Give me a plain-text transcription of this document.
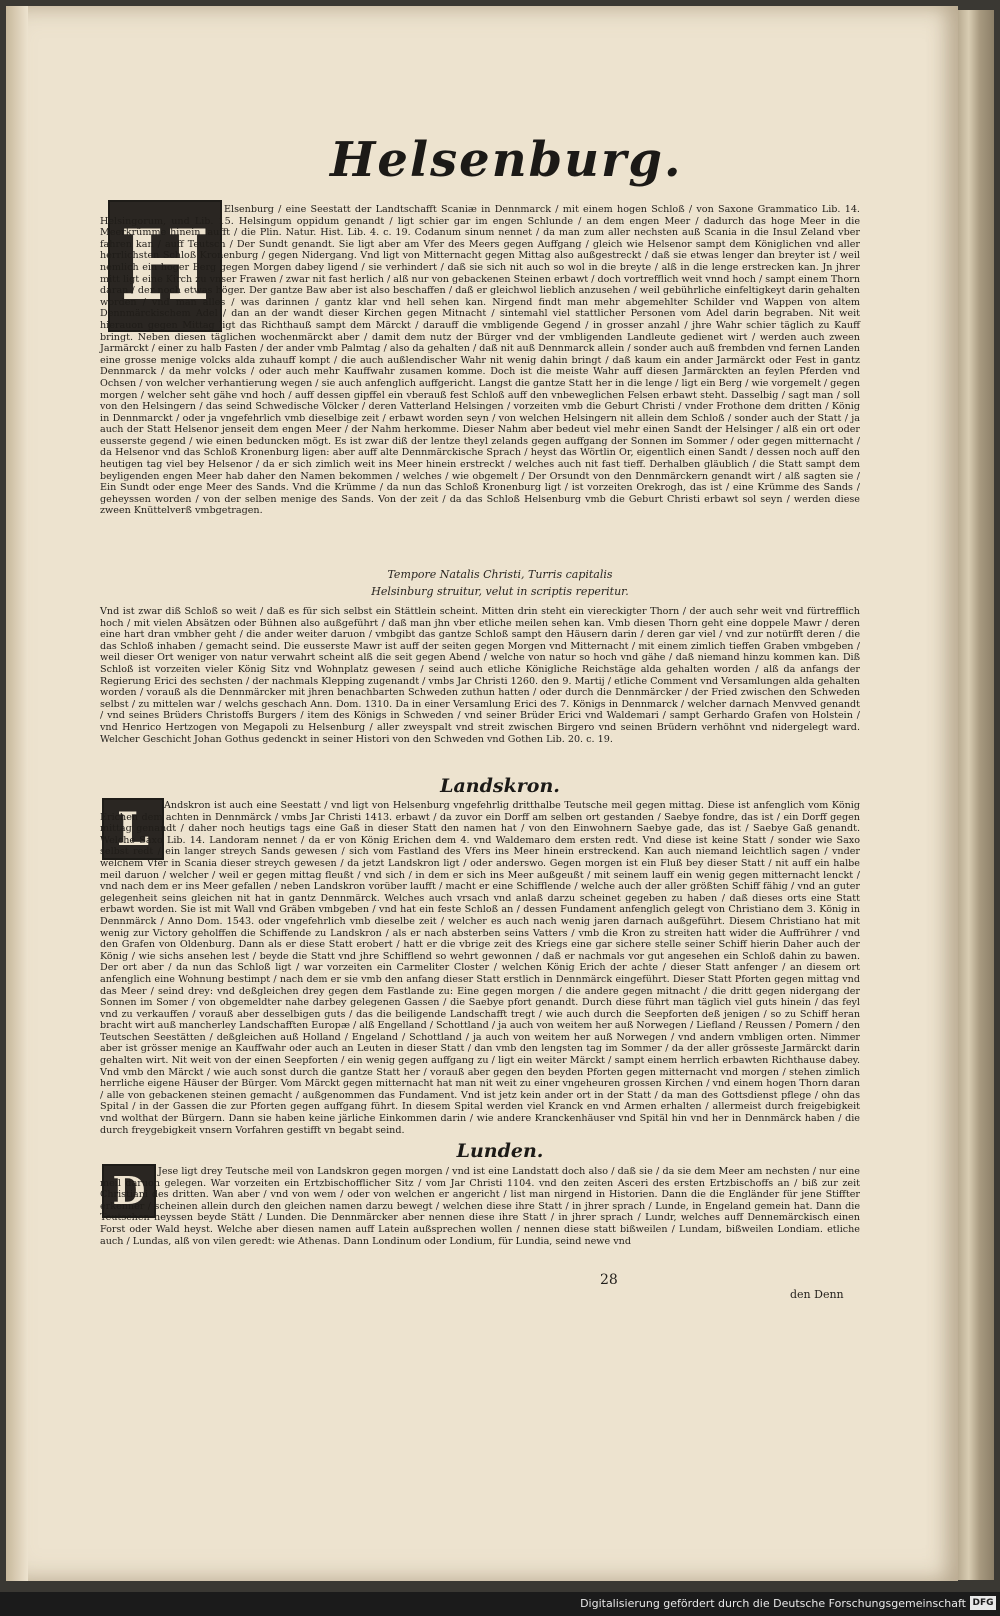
Helsenburg.
H	Elsenburg / eine Seestatt der Landtschafft Scaniæ in Dennmarck / mit einem hogen Schloß / von Saxone Grammatico Lib. 14. Helsingorum, und Lib. 15. Helsingum oppidum genandt / ligt schier gar im engen Schlunde / an dem engen Meer / dadurch das hoge Meer in die Meerkrümme hinein laufft / die Plin. Natur. Hist. Lib. 4. c. 19. Codanum sinum nennet / da man zum aller nechsten auß Scania in die Insul Zeland vber fahren kan / auff Teutsch / Der Sundt genandt. Sie ligt aber am Vfer des Meers gegen Auffgang / gleich wie Helsenor sampt dem Königlichen vnd aller herrlichsten Schloß Kronenburg / gegen Nidergang. Vnd ligt von Mitternacht gegen Mittag also außgestreckt / daß sie etwas lenger dan breyter ist / weil nemlich ein hoger Berg gegen Morgen dabey ligend / sie verhindert / daß sie sich nit auch so wol in die breyte / alß in die lenge erstrecken kan. Jn jhrer mitt ligt eine Kirch zu vnser Frawen / zwar nit fast herlich / alß nur von gebackenen Steinen erbawt / doch vortrefflich weit vnnd hoch / sampt einem Thorn daran / der noch etwas höger. Der gantze Baw aber ist also beschaffen / daß er gleichwol lieblich anzusehen / weil gebührliche einfeltigkeyt darin gehalten worden / vnd man alles / was darinnen / gantz klar vnd hell sehen kan. Nirgend findt man mehr abgemehlter Schilder vnd Wappen von altem Dennmärckischem Adel / dan an der wandt dieser Kirchen gegen Mitnacht / sintemahl viel stattlicher Personen vom Adel darin begraben. Nit weit hierauon gegen Mittag ligt das Richthauß sampt dem Märckt / darauff die vmbligende Gegend / in grosser anzahl / jhre Wahr schier täglich zu Kauff bringt. Neben diesen täglichen wochenmärckt aber / damit dem nutz der Bürger vnd der vmbligenden Landleute gedienet wirt / werden auch zween Jarmärckt / einer zu halb Fasten / der ander vmb Palmtag / also da gehalten / daß nit auß Dennmarck allein / sonder auch auß frembden vnd fernen Landen eine grosse menige volcks alda zuhauff kompt / die auch außlendischer Wahr nit wenig dahin bringt / daß kaum ein ander Jarmärckt oder Fest in gantz Dennmarck / da mehr volcks / oder auch mehr Kauffwahr zusamen komme. Doch ist die meiste Wahr auff diesen Jarmärckten an feylen Pferden vnd Ochsen / von welcher verhantierung wegen / sie auch anfenglich auffgericht. Langst die gantze Statt her in die lenge / ligt ein Berg / wie vorgemelt / gegen morgen / welcher seht gähe vnd hoch / auff dessen gipffel ein vberauß fest Schloß auff den vnbeweglichen Felsen erbawt steht. Dasselbig / sagt man / soll von den Helsingern / das seind Schwedische Völcker / deren Vatterland Helsingen / vorzeiten vmb die Geburt Christi / vnder Frothone dem dritten / König in Dennmarckt / oder ja vngefehrlich vmb dieselbige zeit / erbawt worden seyn / von welchen Helsingern nit allein dem Schloß / sonder auch der Statt / ja auch der Statt Helsenor jenseit dem engen Meer / der Nahm herkomme. Dieser Nahm aber bedeut viel mehr einen Sandt der Helsinger / alß ein ort oder eusserste gegend / wie einen beduncken mögt. Es ist zwar diß der lentze theyl zelands gegen auffgang der Sonnen im Sommer / oder gegen mitternacht / da Helsenor vnd das Schloß Kronenburg ligen: aber auff alte Dennmärckische Sprach / heyst das Wörtlin Or, eigentlich einen Sandt / dessen noch auff den heutigen tag viel bey Helsenor / da er sich zimlich weit ins Meer hinein erstreckt / welches auch nit fast tieff. Derhalben gläublich / die Statt sampt dem beyligenden engen Meer hab daher den Namen bekommen / welches / wie obgemelt / Der Orsundt von den Dennmärckern genandt wirt / alß sagten sie / Ein Sundt oder enge Meer des Sands. Vnd die Krümme / da nun das Schloß Kronenburg ligt / ist vorzeiten Orekrogh, das ist / eine Krümme des Sands / geheyssen worden / von der selben menige des Sands. Von der zeit / da das Schloß Helsenburg vmb die Geburt Christi erbawt sol seyn / werden diese zween Knüttelverß vmbgetragen.

Tempore Natalis Christi, Turris capitalis

Helsinburg struitur, velut in scriptis reperitur.

Vnd ist zwar diß Schloß so weit / daß es für sich selbst ein Stättlein scheint. Mitten drin steht ein viereckigter Thorn / der auch sehr weit vnd fürtrefflich hoch / mit vielen Absätzen oder Bühnen also außgeführt / daß man jhn vber etliche meilen sehen kan. Vmb diesen Thorn geht eine doppele Mawr / deren eine hart dran vmbher geht / die ander weiter daruon / vmbgibt das gantze Schloß sampt den Häusern darin / deren gar viel / vnd zur notürfft deren / die das Schloß inhaben / gemacht seind. Die eusserste Mawr ist auff der seiten gegen Morgen vnd Mitternacht / mit einem zimlich tieffen Graben vmbgeben / weil dieser Ort weniger von natur verwahrt scheint alß die seit gegen Abend / welche von natur so hoch vnd gähe / daß niemand hinzu kommen kan. Diß Schloß ist vorzeiten vieler König Sitz vnd Wohnplatz gewesen / seind auch etliche Königliche Reichstäge alda gehalten worden / alß da anfangs der Regierung Erici des sechsten / der nachmals Klepping zugenandt / vmbs Jar Christi 1260. den 9. Martij / etliche Comment vnd Versamlungen alda gehalten worden / vorauß als die Dennmärcker mit jhren benachbarten Schweden zuthun hatten / oder durch die Dennmärcker / der Fried zwischen den Schweden selbst / zu mittelen war / welchs geschach Ann. Dom. 1310. Da in einer Versamlung Erici des 7. Königs in Dennmarck / welcher darnach Menvved genandt / vnd seines Brüders Christoffs Burgers / item des Königs in Schweden / vnd seiner Brüder Erici vnd Waldemari / sampt Gerhardo Grafen von Holstein / vnd Henrico Hertzogen von Megapoli zu Helsenburg / aller zweyspalt vnd streit zwischen Birgero vnd seinen Brüdern verhöhnt vnd nidergelegt ward. Welcher Geschicht Johan Gothus gedenckt in seiner Histori von den Schweden vnd Gothen Lib. 20. c. 19.

Landskron.
L	Andskron ist auch eine Seestatt / vnd ligt von Helsenburg vngefehrlig dritthalbe Teutsche meil gegen mittag. Diese ist anfenglich vom König Erichen dem achten in Dennmärck / vmbs Jar Christi 1413. erbawt / da zuvor ein Dorff am selben ort gestanden / Saebye fondre, das ist / ein Dorff gegen mittag genandt / daher noch heutigs tags eine Gaß in dieser Statt den namen hat / von den Einwohnern Saebye gade, das ist / Saebye Gaß genandt. Welche Saxo Lib. 14. Landoram nennet / da er von König Erichen dem 4. vnd Waldemaro dem ersten redt. Vnd diese ist keine Statt / sonder wie Saxo selbst redt / ein langer streych Sands gewesen / sich vom Fastland des Vfers ins Meer hinein erstreckend. Kan auch niemand leichtlich sagen / vnder welchem Vfer in Scania dieser streych gewesen / da jetzt Landskron ligt / oder anderswo. Gegen morgen ist ein Fluß bey dieser Statt / nit auff ein halbe meil daruon / welcher / weil er gegen mittag fleußt / vnd sich / in dem er sich ins Meer außgeußt / mit seinem lauff ein wenig gegen mitternacht lenckt / vnd nach dem er ins Meer gefallen / neben Landskron vorüber laufft / macht er eine Schifflende / welche auch der aller größten Schiff fähig / vnd an guter gelegenheit seins gleichen nit hat in gantz Dennmärck. Welches auch vrsach vnd anlaß darzu scheinet gegeben zu haben / daß dieses orts eine Statt erbawt worden. Sie ist mit Wall vnd Gräben vmbgeben / vnd hat ein feste Schloß an / dessen Fundament anfenglich gelegt von Christiano dem 3. König in Dennmärck / Anno Dom. 1543. oder vngefehrlich vmb dieselbe zeit / welcher es auch nach wenig jaren darnach außgeführt. Diesem Christiano hat mit wenig zur Victory geholffen die Schiffende zu Landskron / als er nach absterben seins Vatters / vmb die Kron zu streiten hatt wider die Auffrührer / vnd den Grafen von Oldenburg. Dann als er diese Statt erobert / hatt er die vbrige zeit des Kriegs eine gar sichere stelle seiner Schiff hierin Daher auch der König / wie sichs ansehen lest / beyde die Statt vnd jhre Schifflend so wehrt gewonnen / daß er nachmals vor gut angesehen ein Schloß dahin zu bawen. Der ort aber / da nun das Schloß ligt / war vorzeiten ein Carmeliter Closter / welchen König Erich der achte / dieser Statt anfenger / an diesem ort anfenglich eine Wohnung bestimpt / nach dem er sie vmb den anfang dieser Statt erstlich in Dennmärck eingeführt. Dieser Statt Pforten gegen mittag vnd das Meer / seind drey: vnd deßgleichen drey gegen dem Fastlande zu: Eine gegen morgen / die andere gegen mitnacht / die dritt gegen nidergang der Sonnen im Somer / von obgemeldter nahe darbey gelegenen Gassen / die Saebye pfort genandt. Durch diese führt man täglich viel guts hinein / das feyl vnd zu verkauffen / vorauß aber desselbigen guts / das die beiligende Landschafft tregt / wie auch durch die Seepforten deß jenigen / so zu Schiff heran bracht wirt auß mancherley Landschafften Europæ / alß Engelland / Schottland / ja auch von weitem her auß Norwegen / Liefland / Reussen / Pomern / den Teutschen Seestätten / deßgleichen auß Holland / Engeland / Schottland / ja auch von weitem her auß Norwegen / vnd andern vmbligen orten. Nimmer aber ist grösser menige an Kauffwahr oder auch an Leuten in dieser Statt / dan vmb den lengsten tag im Sommer / da der aller grösseste Jarmärckt darin gehalten wirt. Nit weit von der einen Seepforten / ein wenig gegen auffgang zu / ligt ein weiter Märckt / sampt einem herrlich erbawten Richthause dabey. Vnd vmb den Märckt / wie auch sonst durch die gantze Statt her / vorauß aber gegen den beyden Pforten gegen mitternacht vnd morgen / stehen zimlich herrliche eigene Häuser der Bürger. Vom Märckt gegen mitternacht hat man nit weit zu einer vngeheuren grossen Kirchen / vnd einem hogen Thorn daran / alle von gebackenen steinen gemacht / außgenommen das Fundament. Vnd ist jetz kein ander ort in der Statt / da man des Gottsdienst pflege / ohn das Spital / in der Gassen die zur Pforten gegen auffgang führt. In diesem Spital werden viel Kranck en vnd Armen erhalten / allermeist durch freigebigkeit vnd wolthat der Bürgern. Dann sie haben keine järliche Einkommen darin / wie andere Kranckenhäuser vnd Spitäl hin vnd her in Dennmärck haben / die durch freygebigkeit vnsern Vorfahren gestifft vn begabt seind.

Lunden.
D	Jese ligt drey Teutsche meil von Landskron gegen morgen / vnd ist eine Landstatt doch also / daß sie / da sie dem Meer am nechsten / nur eine meil daruon gelegen. War vorzeiten ein Ertzbischofflicher Sitz / vom Jar Christi 1104. vnd den zeiten Asceri des ersten Ertzbischoffs an / biß zur zeit Christiani des dritten. Wan aber / vnd von wem / oder von welchen er angericht / list man nirgend in Historien. Dann die die Engländer für jene Stiffter erkenner / scheinen allein durch den gleichen namen darzu bewegt / welchen diese ihre Statt / in jhrer sprach / Lunde, in Engeland gemein hat. Dann die Teutschen heyssen beyde Stätt / Lunden. Die Dennmärcker aber nennen diese ihre Statt / in jhrer sprach / Lundr, welches auff Dennemärckisch einen Forst oder Wald heyst. Welche aber diesen namen auff Latein außsprechen wollen / nennen diese statt bißweilen / Lundam, bißweilen Londiam. etliche auch / Lundas, alß von vilen geredt: wie Athenas. Dann Londinum oder Londium, für Lundia, seind newe vnd

28
den Denn
Digitalisierung gefördert durch die Deutsche Forschungsgemeinschaft DFG
